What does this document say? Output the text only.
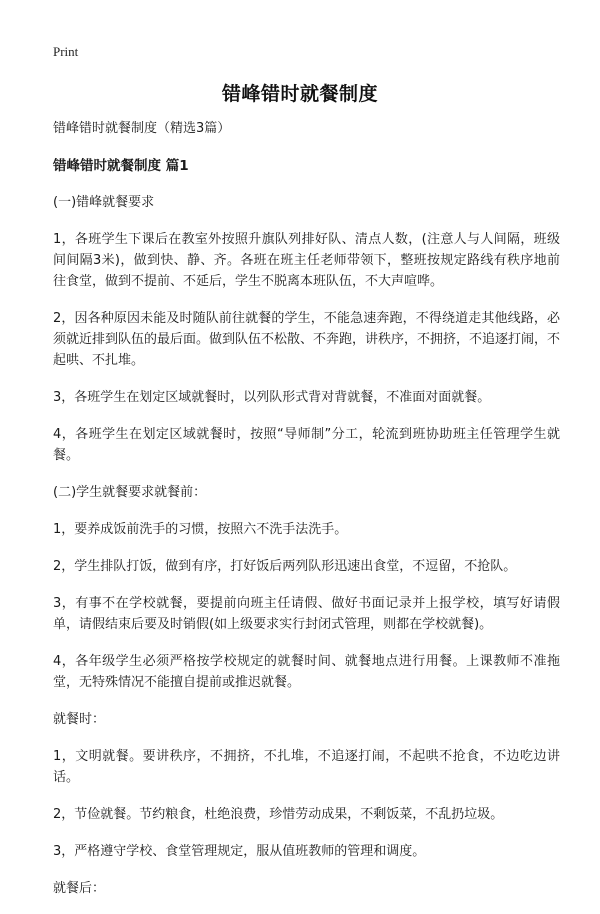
Print
错峰错时就餐制度

错峰错时就餐制度（精选3篇）

错峰错时就餐制度 篇1

(一)错峰就餐要求

1，各班学生下课后在教室外按照升旗队列排好队、清点人数，(注意人与人间隔，班级间间隔3米)，做到快、静、齐。各班在班主任老师带领下，整班按规定路线有秩序地前往食堂，做到不提前、不延后，学生不脱离本班队伍，不大声喧哗。

2，因各种原因未能及时随队前往就餐的学生，不能急速奔跑，不得绕道走其他线路，必须就近排到队伍的最后面。做到队伍不松散、不奔跑，讲秩序，不拥挤，不追逐打闹，不起哄、不扎堆。

3，各班学生在划定区域就餐时，以列队形式背对背就餐，不准面对面就餐。

4，各班学生在划定区域就餐时，按照“导师制”分工，轮流到班协助班主任管理学生就餐。

(二)学生就餐要求就餐前：

1，要养成饭前洗手的习惯，按照六不洗手法洗手。

2，学生排队打饭，做到有序，打好饭后两列队形迅速出食堂，不逗留，不抢队。

3，有事不在学校就餐，要提前向班主任请假、做好书面记录并上报学校，填写好请假单，请假结束后要及时销假(如上级要求实行封闭式管理，则都在学校就餐)。

4，各年级学生必须严格按学校规定的就餐时间、就餐地点进行用餐。上课教师不准拖堂，无特殊情况不能擅自提前或推迟就餐。

就餐时：

1，文明就餐。要讲秩序，不拥挤，不扎堆，不追逐打闹，不起哄不抢食，不边吃边讲话。

2，节俭就餐。节约粮食，杜绝浪费，珍惜劳动成果，不剩饭菜，不乱扔垃圾。

3，严格遵守学校、食堂管理规定，服从值班教师的管理和调度。

就餐后：
